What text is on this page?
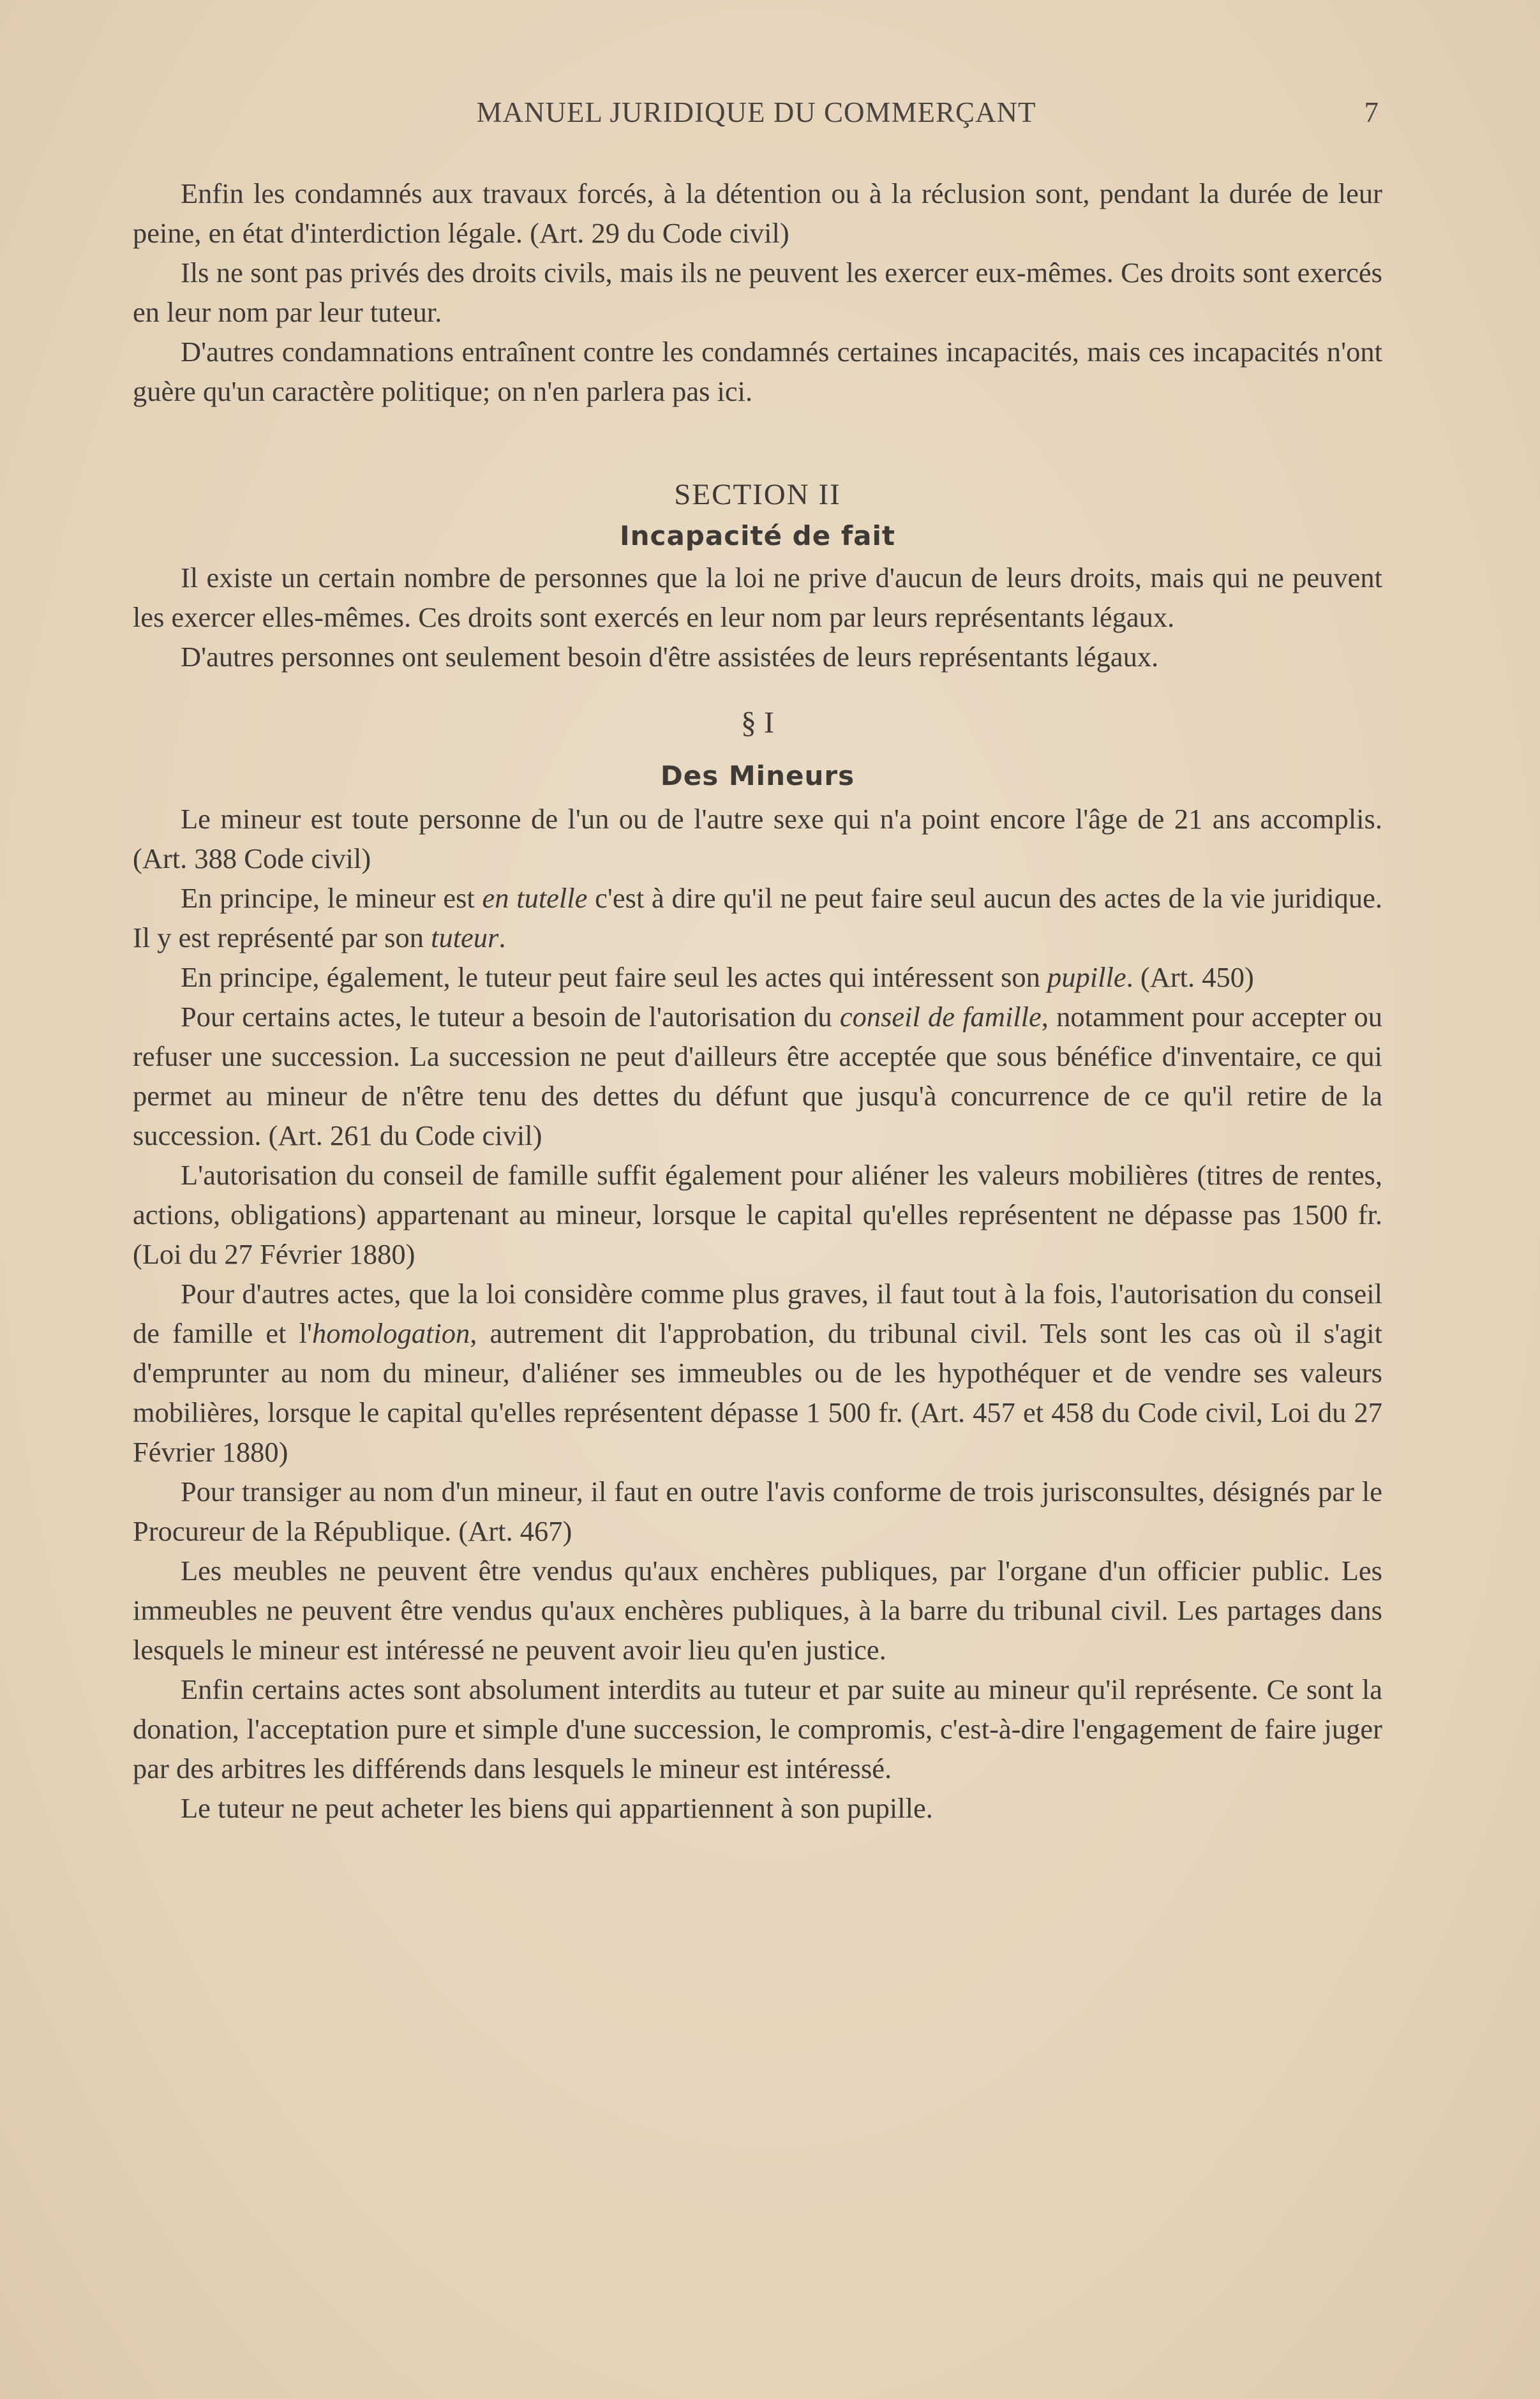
MANUEL JURIDIQUE DU COMMERÇANT	7

Enfin les condamnés aux travaux forcés, à la détention ou à la réclusion sont, pendant la durée de leur peine, en état d'interdiction légale. (Art. 29 du Code civil)

Ils ne sont pas privés des droits civils, mais ils ne peuvent les exercer eux-mêmes. Ces droits sont exercés en leur nom par leur tuteur.

D'autres condamnations entraînent contre les condamnés certaines incapacités, mais ces incapacités n'ont guère qu'un caractère politique; on n'en parlera pas ici.

SECTION II
Incapacité de fait

Il existe un certain nombre de personnes que la loi ne prive d'aucun de leurs droits, mais qui ne peuvent les exercer elles-mêmes. Ces droits sont exercés en leur nom par leurs représentants légaux.

D'autres personnes ont seulement besoin d'être assistées de leurs représentants légaux.

§ I
Des Mineurs

Le mineur est toute personne de l'un ou de l'autre sexe qui n'a point encore l'âge de 21 ans accomplis. (Art. 388 Code civil)

En principe, le mineur est en tutelle c'est à dire qu'il ne peut faire seul aucun des actes de la vie juridique. Il y est représenté par son tuteur.

En principe, également, le tuteur peut faire seul les actes qui intéressent son pupille. (Art. 450)

Pour certains actes, le tuteur a besoin de l'autorisation du conseil de famille, notamment pour accepter ou refuser une succession. La succession ne peut d'ailleurs être acceptée que sous bénéfice d'inventaire, ce qui permet au mineur de n'être tenu des dettes du défunt que jusqu'à concurrence de ce qu'il retire de la succession. (Art. 261 du Code civil)

L'autorisation du conseil de famille suffit également pour aliéner les valeurs mobilières (titres de rentes, actions, obligations) appartenant au mineur, lorsque le capital qu'elles représentent ne dépasse pas 1500 fr. (Loi du 27 Février 1880)

Pour d'autres actes, que la loi considère comme plus graves, il faut tout à la fois, l'autorisation du conseil de famille et l'homologation, autrement dit l'approbation, du tribunal civil. Tels sont les cas où il s'agit d'emprunter au nom du mineur, d'aliéner ses immeubles ou de les hypothéquer et de vendre ses valeurs mobilières, lorsque le capital qu'elles représentent dépasse 1 500 fr. (Art. 457 et 458 du Code civil, Loi du 27 Février 1880)

Pour transiger au nom d'un mineur, il faut en outre l'avis conforme de trois jurisconsultes, désignés par le Procureur de la République. (Art. 467)

Les meubles ne peuvent être vendus qu'aux enchères publiques, par l'organe d'un officier public. Les immeubles ne peuvent être vendus qu'aux enchères publiques, à la barre du tribunal civil. Les partages dans lesquels le mineur est intéressé ne peuvent avoir lieu qu'en justice.

Enfin certains actes sont absolument interdits au tuteur et par suite au mineur qu'il représente. Ce sont la donation, l'acceptation pure et simple d'une succession, le compromis, c'est-à-dire l'engagement de faire juger par des arbitres les différends dans lesquels le mineur est intéressé.

Le tuteur ne peut acheter les biens qui appartiennent à son pupille.
